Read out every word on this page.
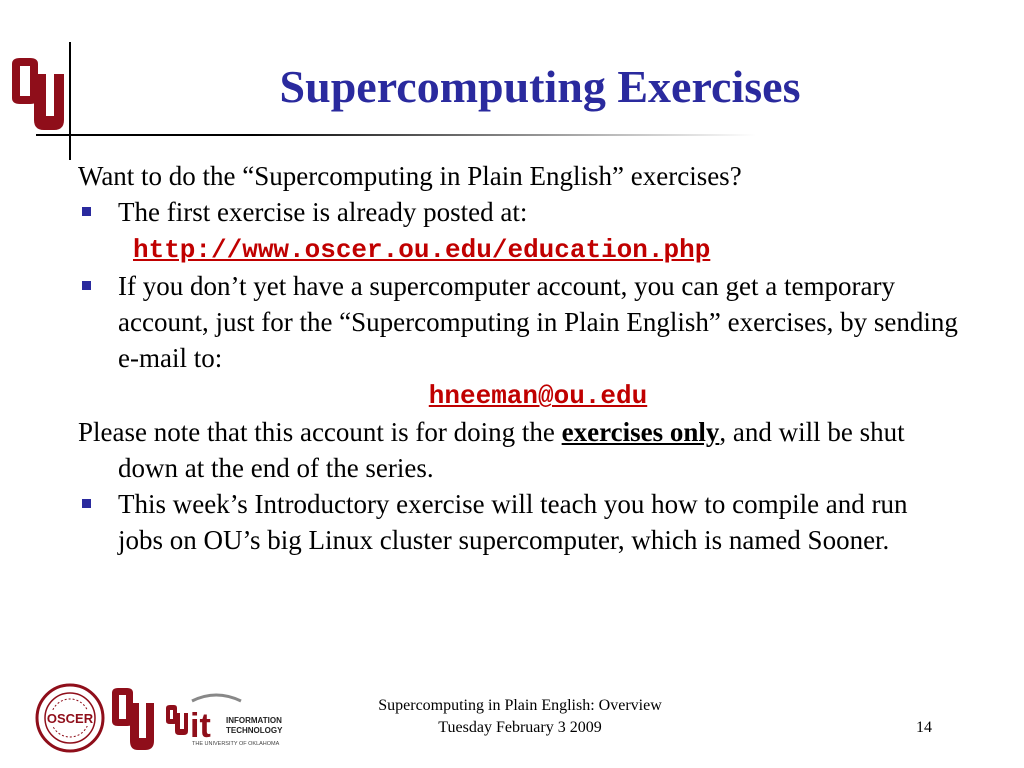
Supercomputing Exercises

Want to do the “Supercomputing in Plain English” exercises?

The first exercise is already posted at:

http://www.oscer.ou.edu/education.php

If you don’t yet have a supercomputer account, you can get a temporary account, just for the “Supercomputing in Plain English” exercises, by sending e-mail to:

hneeman@ou.edu

Please note that this account is for doing the exercises only, and will be shut down at the end of the series.

This week’s Introductory exercise will teach you how to compile and run jobs on OU’s big Linux cluster supercomputer, which is named Sooner.
OSCER	it INFORMATION
TECHNOLOGY
THE UNIVERSITY OF OKLAHOMA
Supercomputing in Plain English: Overview
Tuesday February 3 2009	14
